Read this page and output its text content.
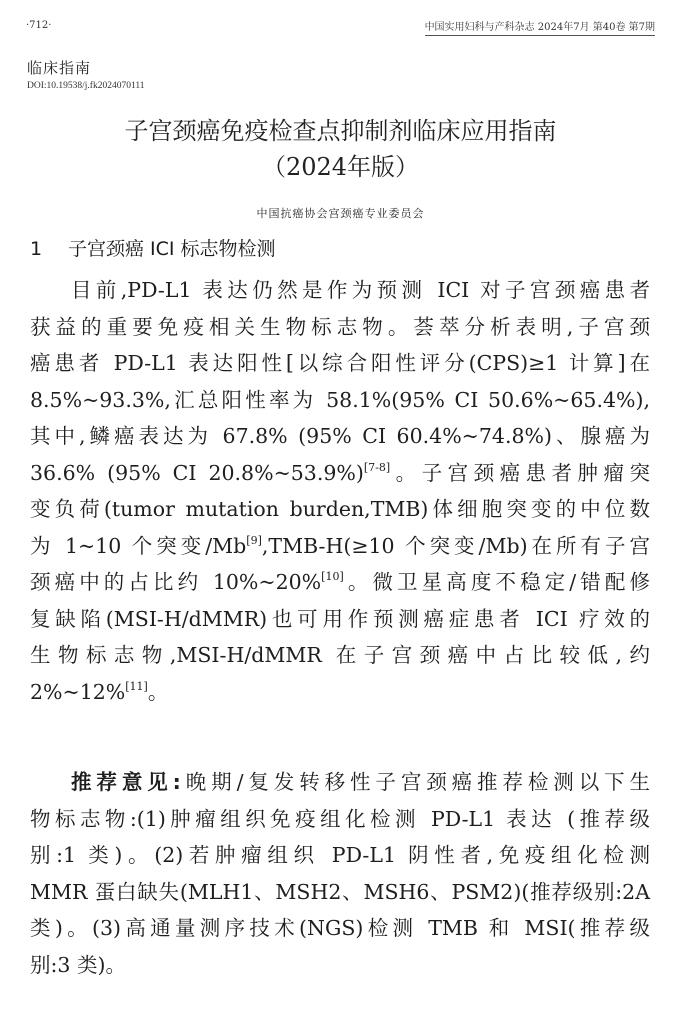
·712·	中国实用妇科与产科杂志 2024年7月 第40卷 第7期
临床指南
DOI:10.19538/j.fk2024070111
子宫颈癌免疫检查点抑制剂临床应用指南
（2024年版）
中国抗癌协会宫颈癌专业委员会
1 子宫颈癌 ICI 标志物检测
目前,PD-L1 表达仍然是作为预测 ICI 对子宫颈癌患者
获益的重要免疫相关生物标志物。荟萃分析表明,子宫颈
癌患者 PD-L1 表达阳性[以综合阳性评分(CPS)≥1 计算]在
8.5%~93.3%,汇总阳性率为 58.1%(95% CI 50.6%~65.4%),
其中,鳞癌表达为 67.8% (95% CI 60.4%~74.8%)、腺癌为
36.6% (95% CI 20.8%~53.9%)[7-8]。子宫颈癌患者肿瘤突
变负荷(tumor mutation burden,TMB)体细胞突变的中位数
为 1~10 个突变/Mb[9],TMB-H(≥10 个突变/Mb)在所有子宫
颈癌中的占比约 10%~20%[10]。微卫星高度不稳定/错配修
复缺陷(MSI-H/dMMR)也可用作预测癌症患者 ICI 疗效的
生物标志物,MSI-H/dMMR 在子宫颈癌中占比较低,约
2%~12%[11]。
推荐意见:晚期/复发转移性子宫颈癌推荐检测以下生
物标志物:(1)肿瘤组织免疫组化检测 PD-L1 表达 (推荐级
别:1 类)。(2)若肿瘤组织 PD-L1 阴性者,免疫组化检测
MMR 蛋白缺失(MLH1、MSH2、MSH6、PSM2)(推荐级别:2A
类)。(3)高通量测序技术(NGS)检测 TMB 和 MSI(推荐级
别:3 类)。
